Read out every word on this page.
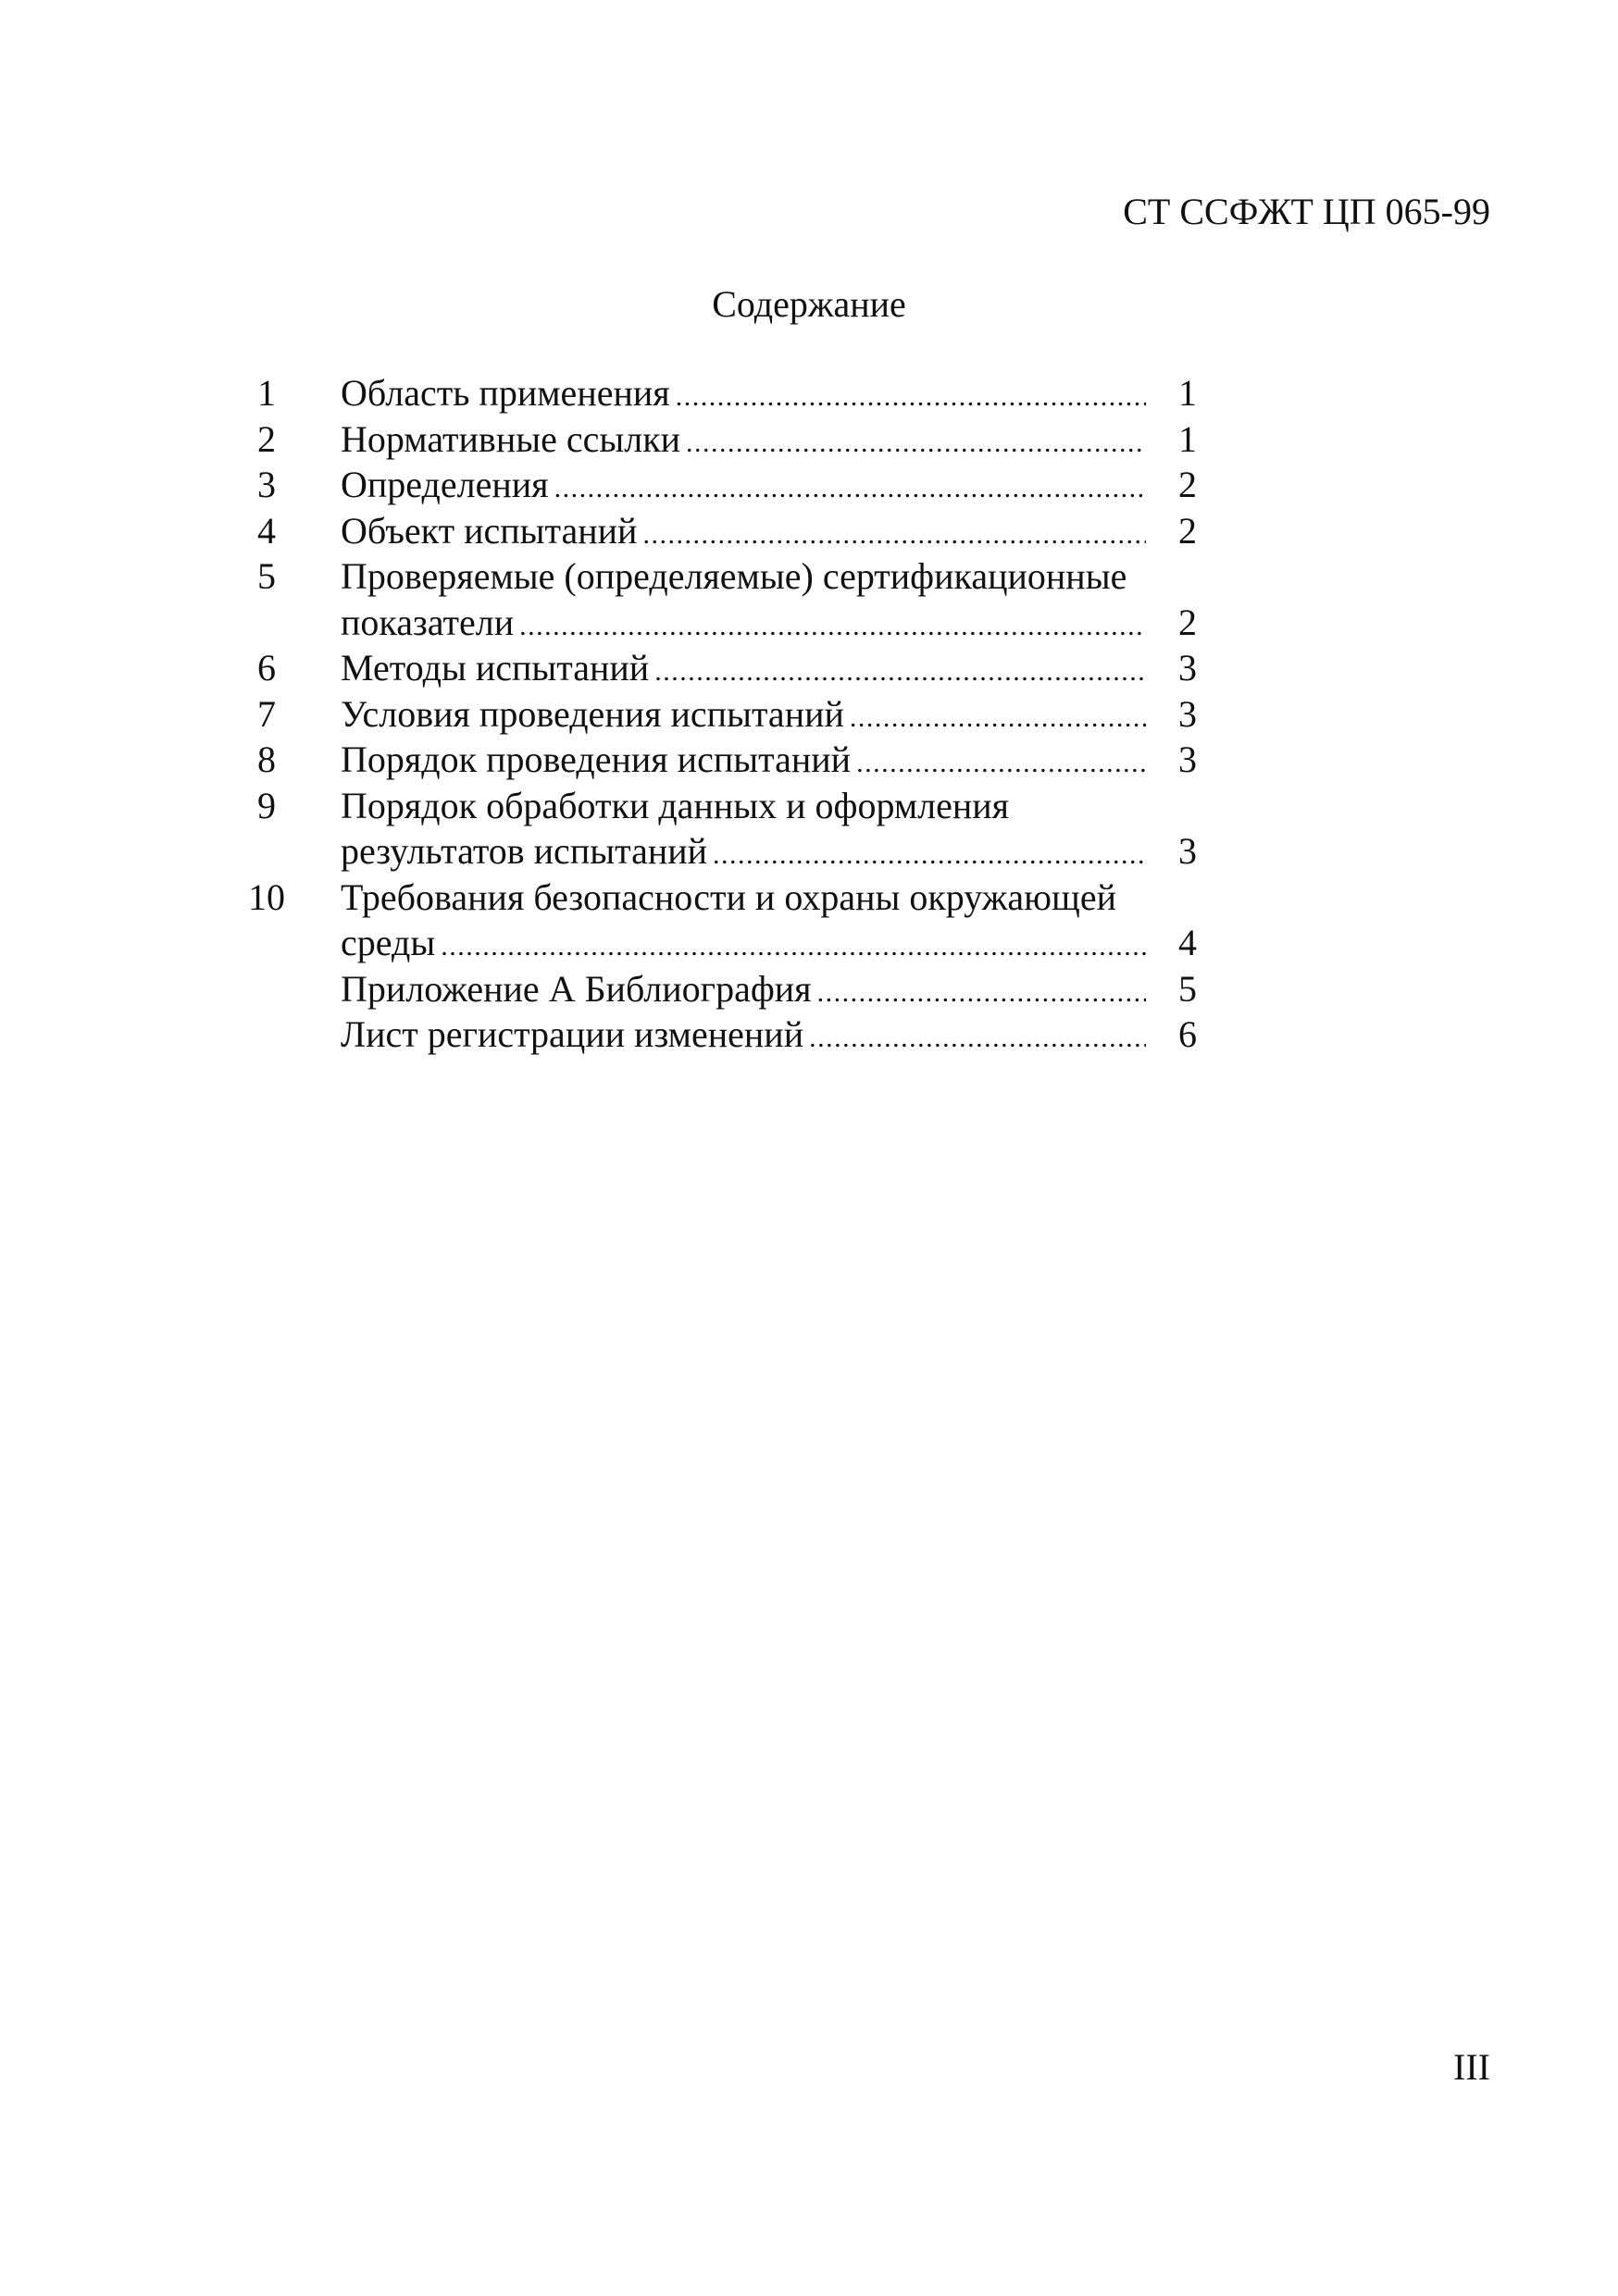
СТ ССФЖТ ЦП 065-99
Содержание
1	Область применения .....	1
2	Нормативные ссылки .....	1
3	Определения .....	2
4	Объект испытаний .....	2
5	Проверяемые (определяемые) сертификационные
показатели .....	2
6	Методы испытаний .....	3
7	Условия проведения испытаний .....	3
8	Порядок проведения испытаний .....	3
9	Порядок обработки данных и оформления
результатов испытаний .....	3
10 Требования безопасности и охраны окружающей
среды .....	4
Приложение А Библиография .....	5
Лист регистрации изменений .....	6
III
